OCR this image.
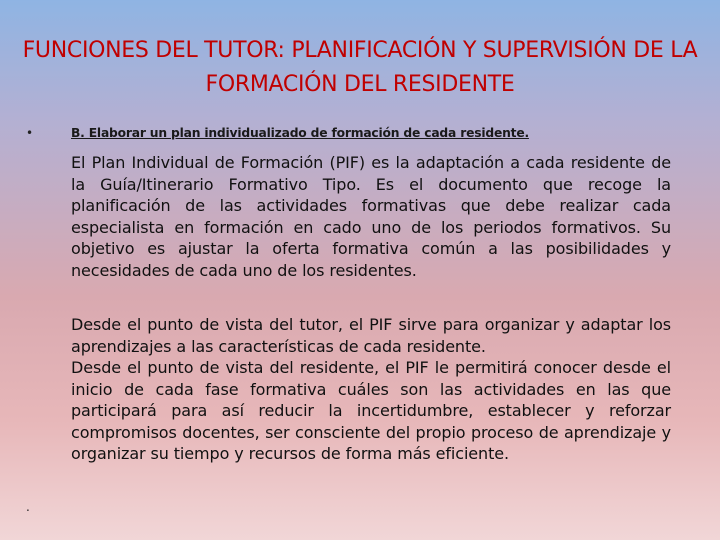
FUNCIONES DEL TUTOR: PLANIFICACIÓN Y SUPERVISIÓN DE LA FORMACIÓN DEL RESIDENTE
•	B. Elaborar un plan individualizado de formación de cada residente.

El Plan Individual de Formación (PIF) es la adaptación a cada residente de la Guía/Itinerario Formativo Tipo. Es el documento que recoge la planificación de las actividades formativas que debe realizar cada especialista en formación en cado uno de los periodos formativos. Su objetivo es ajustar la oferta formativa común a las posibilidades y necesidades de cada uno de los residentes.

Desde el punto de vista del tutor, el PIF sirve para organizar y adaptar los aprendizajes a las características de cada residente.

Desde el punto de vista del residente, el PIF le permitirá conocer desde el inicio de cada fase formativa cuáles son las actividades en las que participará para así reducir la incertidumbre, establecer y reforzar compromisos docentes, ser consciente del propio proceso de aprendizaje y organizar su tiempo y recursos de forma más eficiente.

.
